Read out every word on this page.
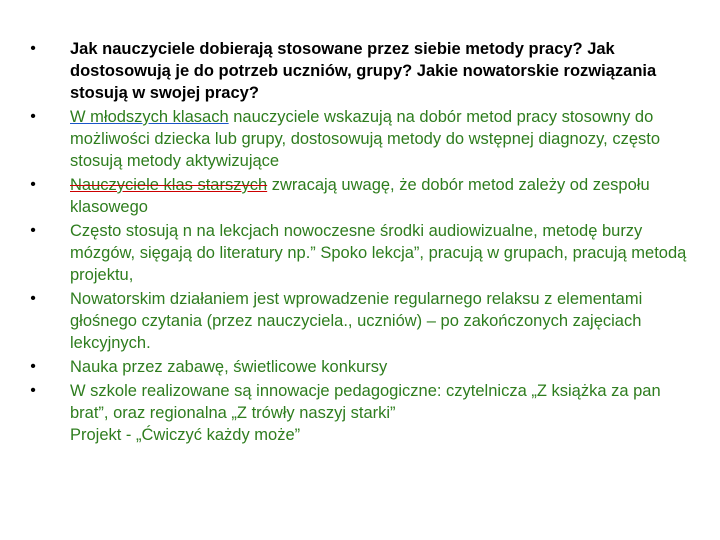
• Jak nauczyciele dobierają stosowane przez siebie metody pracy? Jak dostosowują je do potrzeb uczniów, grupy? Jakie nowatorskie rozwiązania stosują w swojej pracy?
• W młodszych klasach nauczyciele wskazują na dobór metod pracy stosowny do możliwości dziecka lub grupy, dostosowują metody do wstępnej diagnozy, często stosują metody aktywizujące
• Nauczyciele klas starszych zwracają uwagę, że dobór metod zależy od zespołu klasowego
• Często stosują n na lekcjach nowoczesne środki audiowizualne, metodę burzy mózgów, sięgają do literatury np.” Spoko lekcja”, pracują w grupach, pracują metodą projektu,
• Nowatorskim działaniem jest wprowadzenie regularnego relaksu z elementami głośnego czytania (przez nauczyciela., uczniów) – po zakończonych zajęciach lekcyjnych.
• Nauka przez zabawę, świetlicowe konkursy
• W szkole realizowane są innowacje pedagogiczne: czytelnicza „Z książka za pan brat”, oraz regionalna „Z trówły naszyj starki”
Projekt - „Ćwiczyć każdy może”
